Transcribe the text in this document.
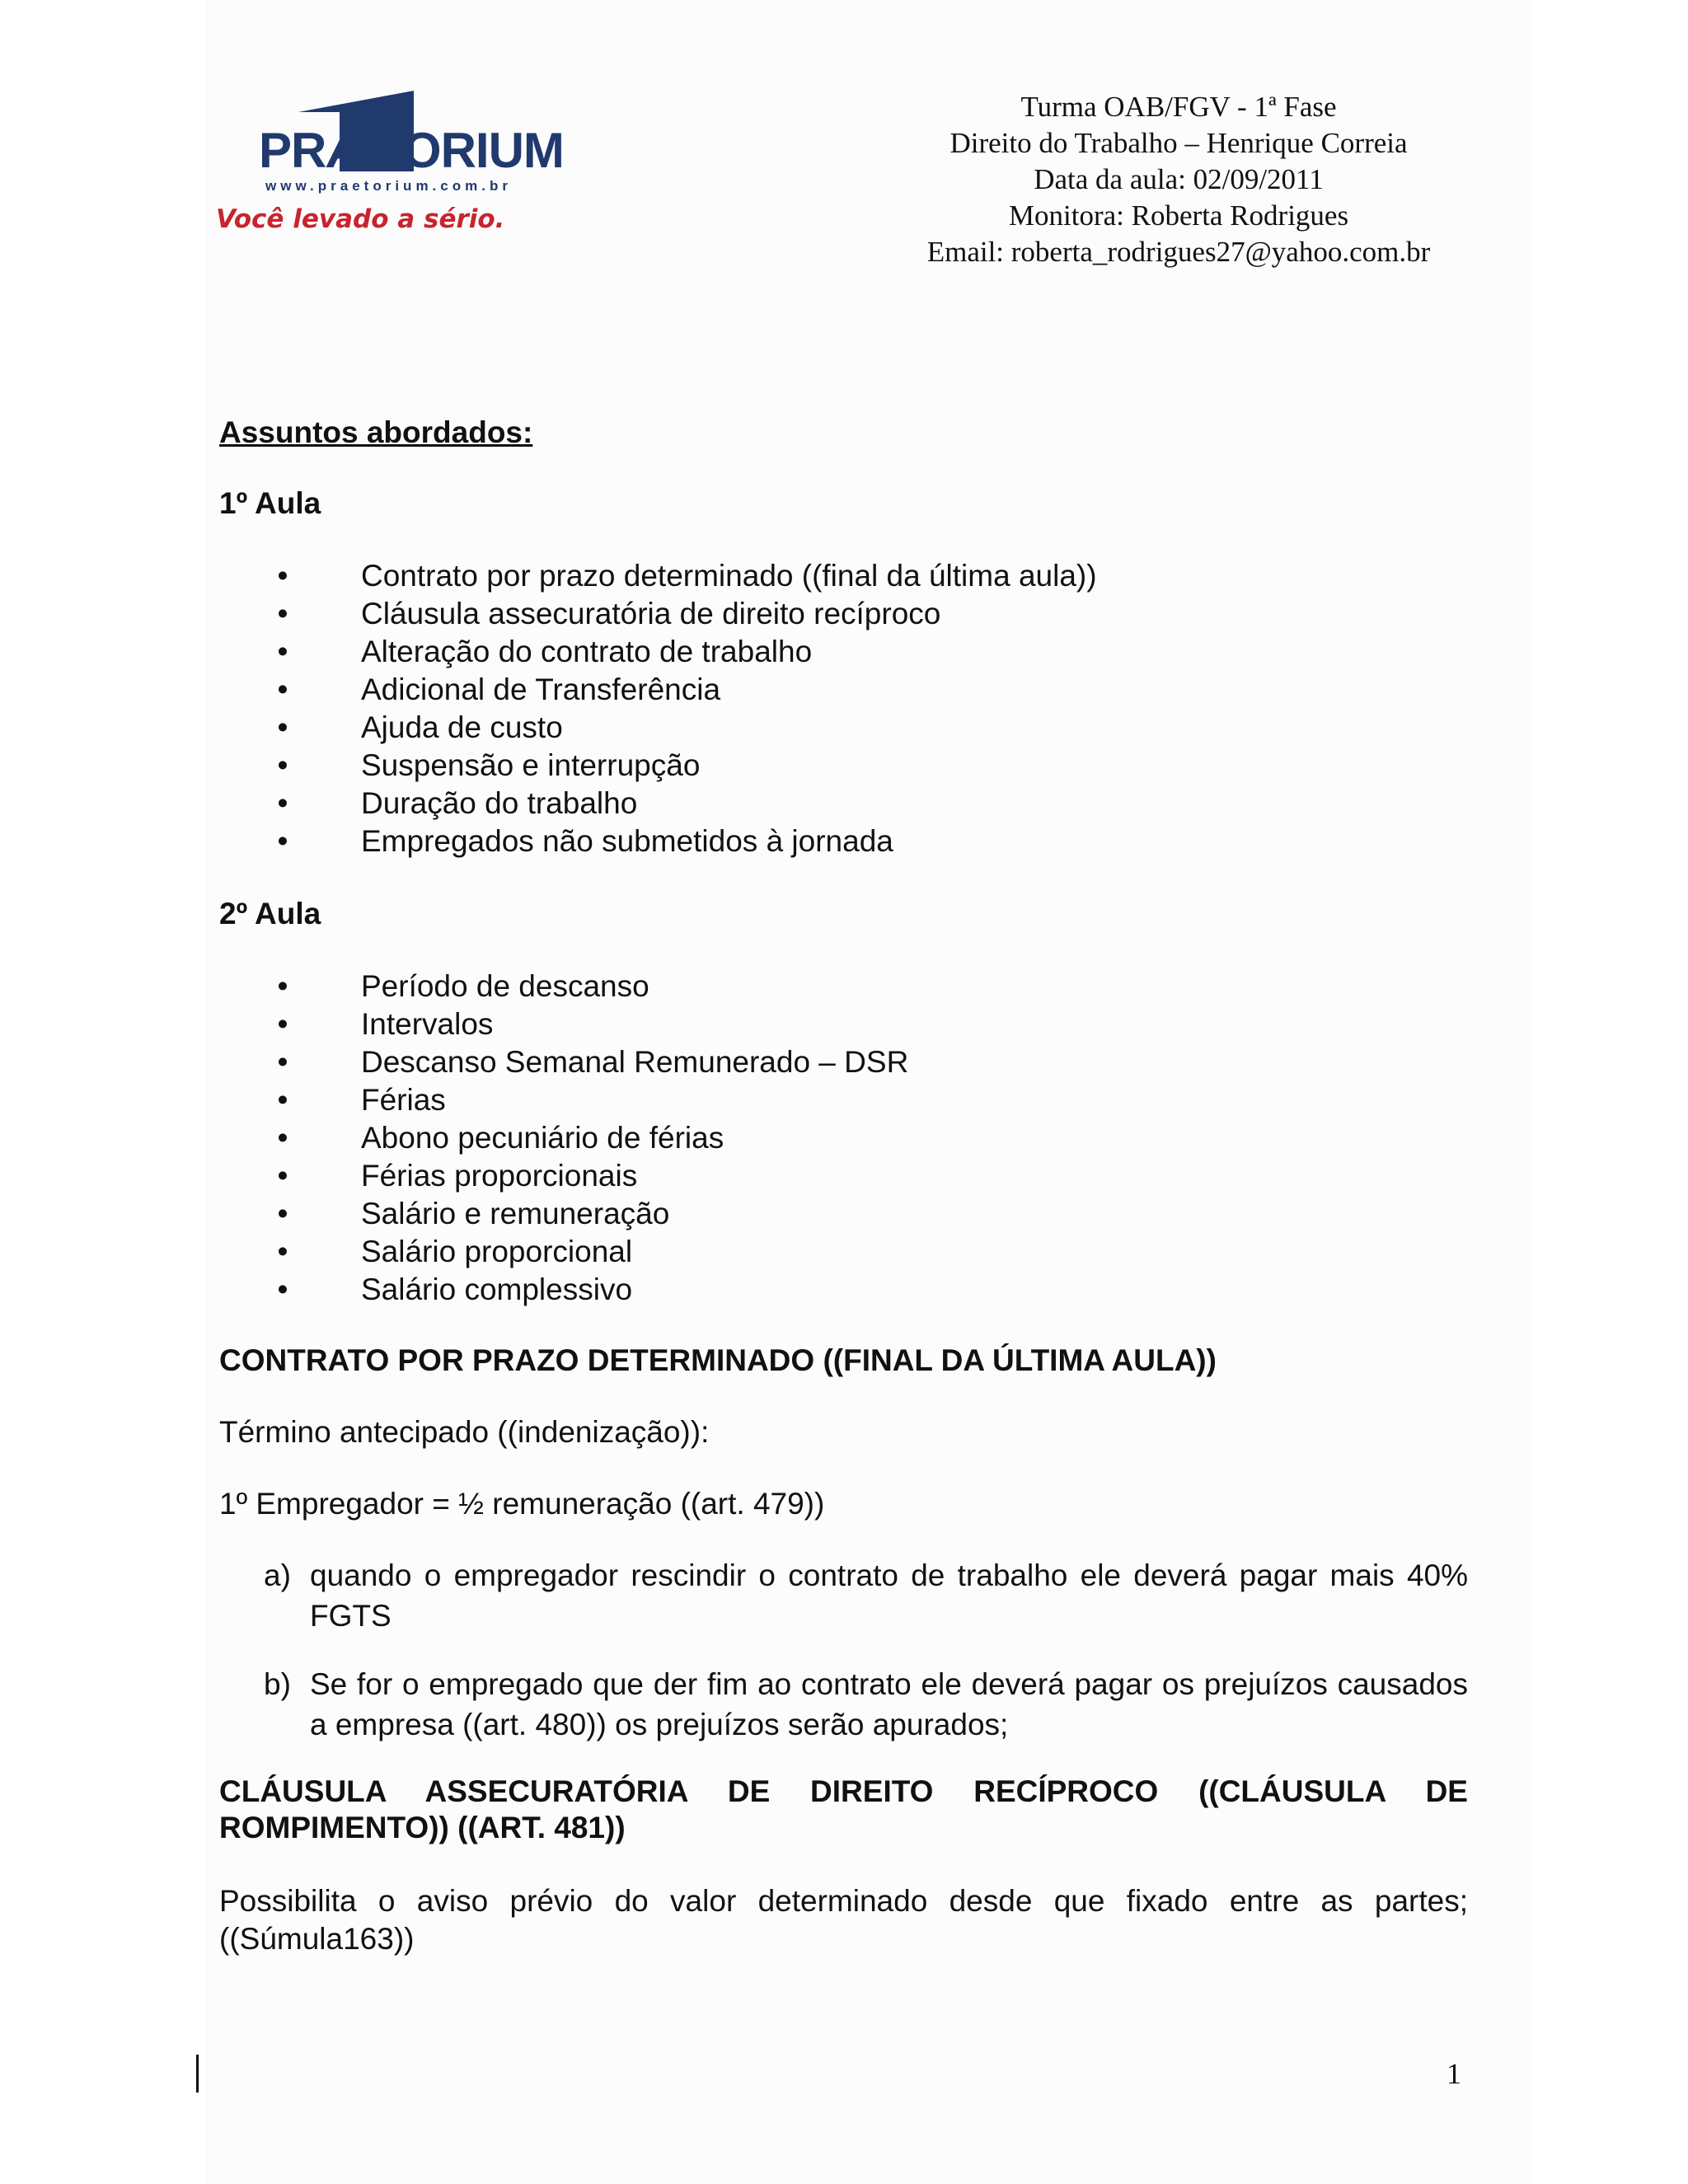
PRÆTORIUM
www.praetorium.com.br
Você levado a sério.
Turma OAB/FGV - 1ª Fase
Direito do Trabalho – Henrique Correia
Data da aula: 02/09/2011
Monitora: Roberta Rodrigues
Email: roberta_rodrigues27@yahoo.com.br
Assuntos abordados:
1º Aula
• Contrato por prazo determinado ((final da última aula))
• Cláusula assecuratória de direito recíproco
• Alteração do contrato de trabalho
• Adicional de Transferência
• Ajuda de custo
• Suspensão e interrupção
• Duração do trabalho
• Empregados não submetidos à jornada
2º Aula
• Período de descanso
• Intervalos
• Descanso Semanal Remunerado – DSR
• Férias
• Abono pecuniário de férias
• Férias proporcionais
• Salário e remuneração
• Salário proporcional
• Salário complessivo
CONTRATO POR PRAZO DETERMINADO ((FINAL DA ÚLTIMA AULA))
Término antecipado ((indenização)):
1º Empregador = ½ remuneração ((art. 479))
a) quando o empregador rescindir o contrato de trabalho ele deverá pagar mais 40% FGTS
b) Se for o empregado que der fim ao contrato ele deverá pagar os prejuízos causados a empresa ((art. 480)) os prejuízos serão apurados;
CLÁUSULA ASSECURATÓRIA DE DIREITO RECÍPROCO ((CLÁUSULA DE ROMPIMENTO)) ((ART. 481))
Possibilita o aviso prévio do valor determinado desde que fixado entre as partes; ((Súmula163))
1
